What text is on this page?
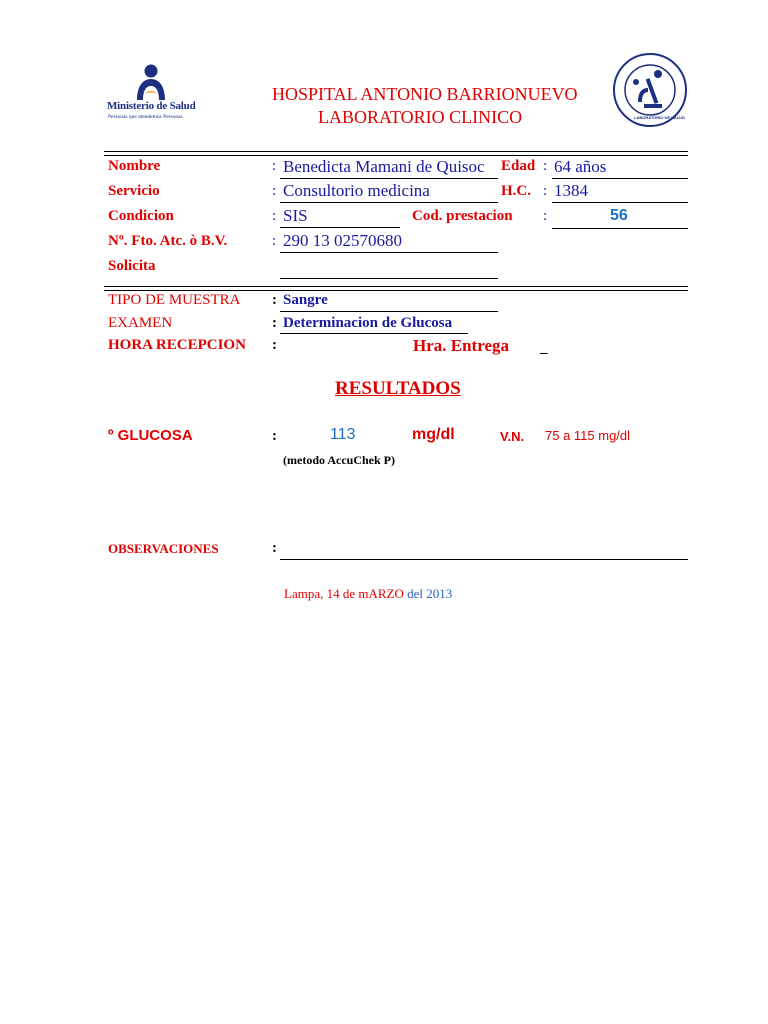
Ministerio de Salud
Personas que atendemos Personas
HOSPITAL ANTONIO BARRIONUEVO
LABORATORIO CLINICO	LABORATORIO DE SALUD
Nombre	: Benedicta Mamani de Quisoc	Edad : 64 años
Servicio	: Consultorio medicina	H.C. : 1384
Condicion	: SIS	Cod. prestacion :	56
Nº. Fto. Atc. ò B.V.	: 290 13 02570680
Solicita
TIPO DE MUESTRA : Sangre
EXAMEN	: Determinacion de Glucosa
HORA RECEPCION :	Hra. Entrega _
RESULTADOS
º GLUCOSA	:	113	mg/dl	V.N. 75 a 115 mg/dl
(metodo AccuChek P)
OBSERVACIONES	:
Lampa, 14 de mARZO del 2013
